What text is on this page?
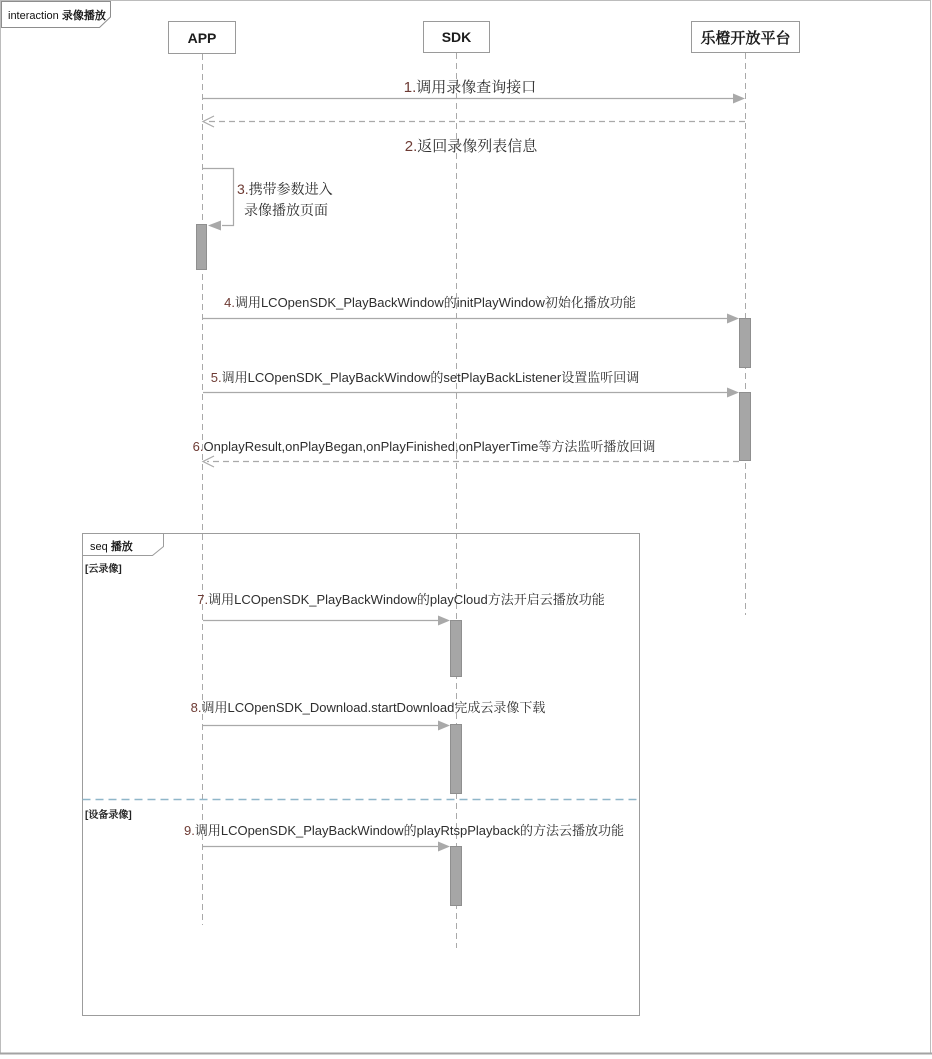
interaction 录像播放
APP	SDK	乐橙开放平台
1.调用录像查询接口
2.返回录像列表信息
3.携带参数进入
录像播放页面
4.调用LCOpenSDK_PlayBackWindow的initPlayWindow初始化播放功能
5.调用LCOpenSDK_PlayBackWindow的setPlayBackListener设置监听回调
6.OnplayResult,onPlayBegan,onPlayFinished,onPlayerTime等方法监听播放回调
7.调用LCOpenSDK_PlayBackWindow的playCloud方法开启云播放功能
8.调用LCOpenSDK_Download.startDownload完成云录像下载
9.调用LCOpenSDK_PlayBackWindow的playRtspPlayback的方法云播放功能
seq 播放
[云录像]
[设备录像]
